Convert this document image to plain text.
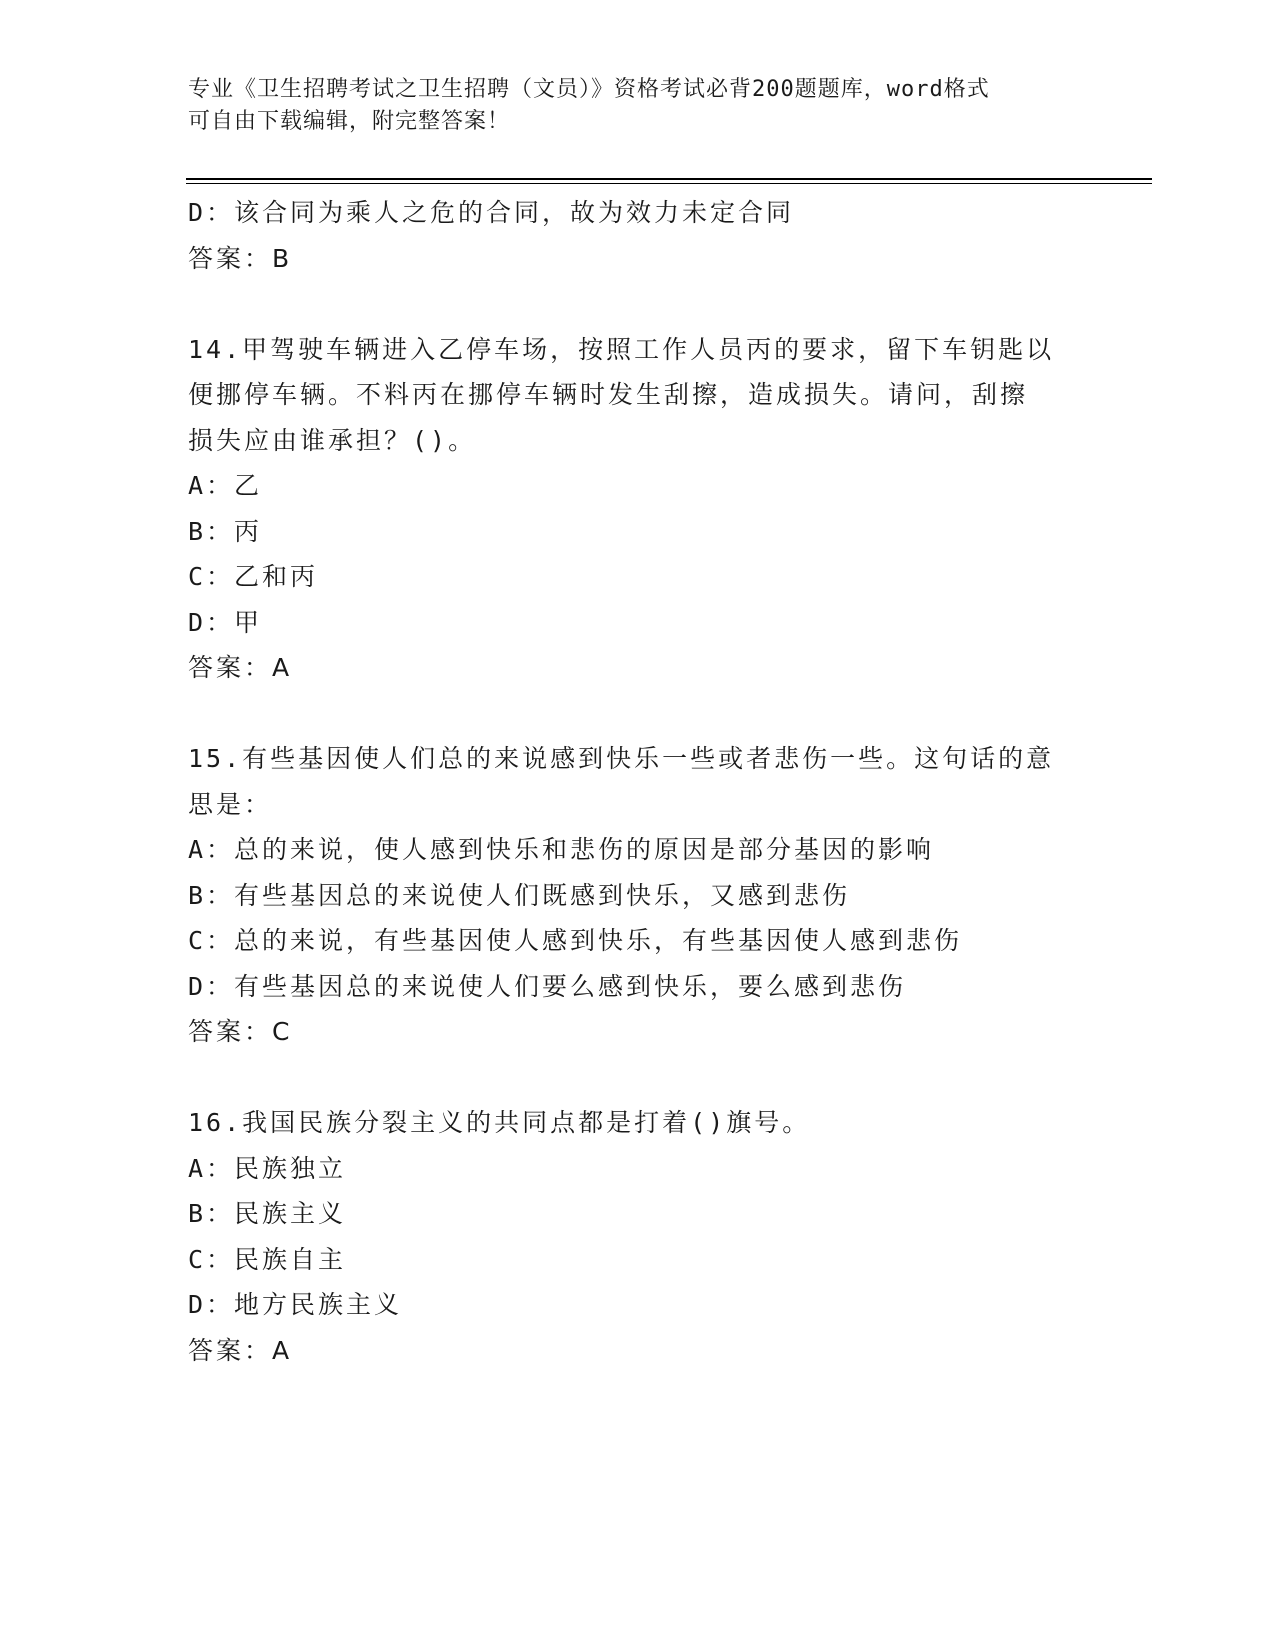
专业《卫生招聘考试之卫生招聘（文员）》资格考试必背200题题库，word格式
可自由下载编辑，附完整答案！
D：该合同为乘人之危的合同，故为效力未定合同
答案：B
14.甲驾驶车辆进入乙停车场，按照工作人员丙的要求，留下车钥匙以
便挪停车辆。不料丙在挪停车辆时发生刮擦，造成损失。请问，刮擦
损失应由谁承担？()。
A：乙
B：丙
C：乙和丙
D：甲
答案：A
15.有些基因使人们总的来说感到快乐一些或者悲伤一些。这句话的意
思是：
A：总的来说，使人感到快乐和悲伤的原因是部分基因的影响
B：有些基因总的来说使人们既感到快乐，又感到悲伤
C：总的来说，有些基因使人感到快乐，有些基因使人感到悲伤
D：有些基因总的来说使人们要么感到快乐，要么感到悲伤
答案：C
16.我国民族分裂主义的共同点都是打着()旗号。
A：民族独立
B：民族主义
C：民族自主
D：地方民族主义
答案：A
